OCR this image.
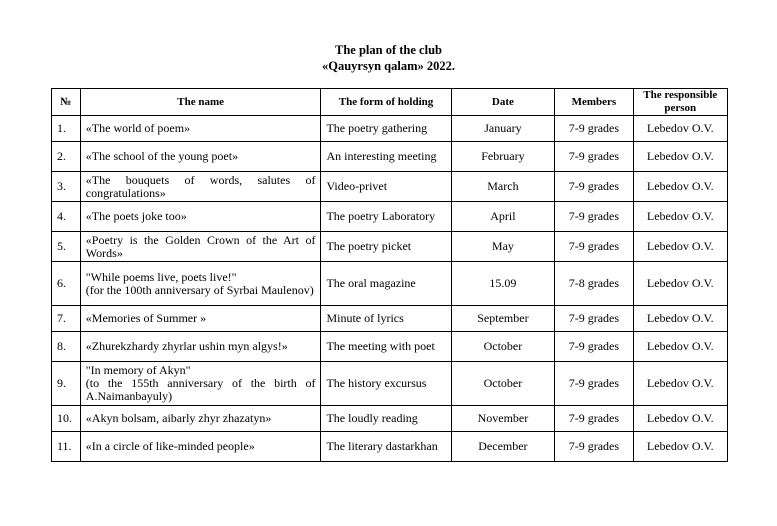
The plan of the club
«Qauyrsyn qalam» 2022.
№	The name	The form of holding	Date	Members	The responsible person
1.	«The world of poem»	The poetry gathering	January	7-9 grades	Lebedov O.V.
2.	«The school of the young poet»	An interesting meeting	February	7-9 grades	Lebedov O.V.
3.	«The bouquets of words, salutes of congratulations»	Video-privet	March	7-9 grades	Lebedov O.V.
4.	«The poets joke too»	The poetry Laboratory	April	7-9 grades	Lebedov O.V.
5.	«Poetry is the Golden Crown of the Art of Words»	The poetry picket	May	7-9 grades	Lebedov O.V.
6.	"While poems live, poets live!"
(for the 100th anniversary of Syrbai Maulenov)	The oral magazine	15.09	7-8 grades	Lebedov O.V.
7.	«Memories of Summer »	Minute of lyrics	September	7-9 grades	Lebedov O.V.
8.	«Zhurekzhardy zhyrlar ushin myn algys!»	The meeting with poet	October	7-9 grades	Lebedov O.V.
9.	"In memory of Akyn"
(to the 155th anniversary of the birth of A.Naimanbayuly)	The history excursus	October	7-9 grades	Lebedov O.V.
10.	«Akyn bolsam, aibarly zhyr zhazatyn»	The loudly reading	November	7-9 grades	Lebedov O.V.
11.	«In a circle of like-minded people»	The literary dastarkhan	December	7-9 grades	Lebedov O.V.
